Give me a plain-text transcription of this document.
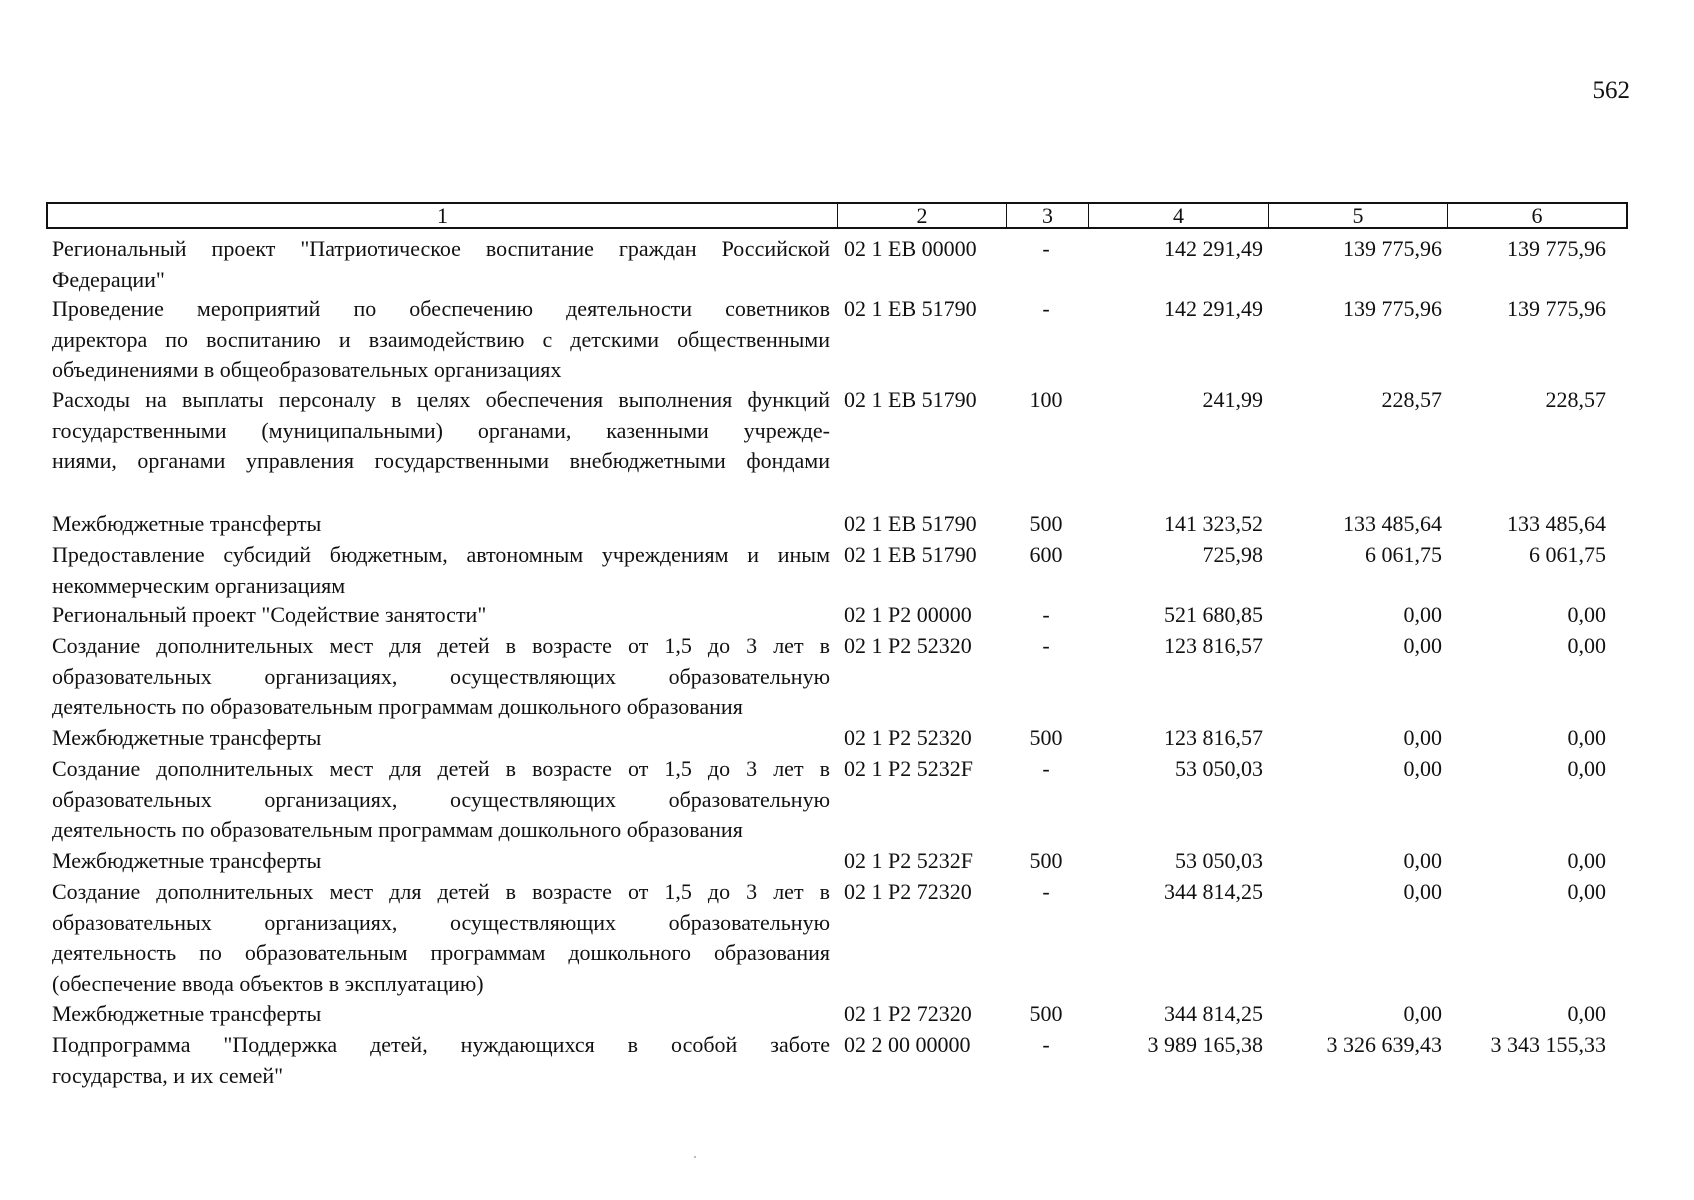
562
1	2	3	4	5	6
Региональный проект "Патриотическое воспитание граждан Российской
Федерации"
02 1 EB 00000	-	142 291,49	139 775,96	139 775,96
Проведение мероприятий по обеспечению деятельности советников
директора по воспитанию и взаимодействию с детскими общественными
объединениями в общеобразовательных организациях
02 1 EB 51790	-	142 291,49	139 775,96	139 775,96
Расходы на выплаты персоналу в целях обеспечения выполнения функций
государственными (муниципальными) органами, казенными учрежде-
ниями, органами управления государственными внебюджетными фондами
02 1 EB 51790	100	241,99	228,57	228,57
Межбюджетные трансферты	02 1 EB 51790	500	141 323,52	133 485,64	133 485,64
Предоставление субсидий бюджетным, автономным учреждениям и иным
некоммерческим организациям
02 1 EB 51790	600	725,98	6 061,75	6 061,75
Региональный проект "Содействие занятости"	02 1 P2 00000	-	521 680,85	0,00	0,00
Создание дополнительных мест для детей в возрасте от 1,5 до 3 лет в
образовательных организациях, осуществляющих образовательную
деятельность по образовательным программам дошкольного образования
02 1 P2 52320	-	123 816,57	0,00	0,00
Межбюджетные трансферты	02 1 P2 52320	500	123 816,57	0,00	0,00
Создание дополнительных мест для детей в возрасте от 1,5 до 3 лет в
образовательных организациях, осуществляющих образовательную
деятельность по образовательным программам дошкольного образования
02 1 P2 5232F	-	53 050,03	0,00	0,00
Межбюджетные трансферты	02 1 P2 5232F	500	53 050,03	0,00	0,00
Создание дополнительных мест для детей в возрасте от 1,5 до 3 лет в
образовательных организациях, осуществляющих образовательную
деятельность по образовательным программам дошкольного образования
(обеспечение ввода объектов в эксплуатацию)
02 1 P2 72320	-	344 814,25	0,00	0,00
Межбюджетные трансферты	02 1 P2 72320	500	344 814,25	0,00	0,00
Подпрограмма "Поддержка детей, нуждающихся в особой заботе
государства, и их семей"
02 2 00 00000	-	3 989 165,38	3 326 639,43	3 343 155,33
